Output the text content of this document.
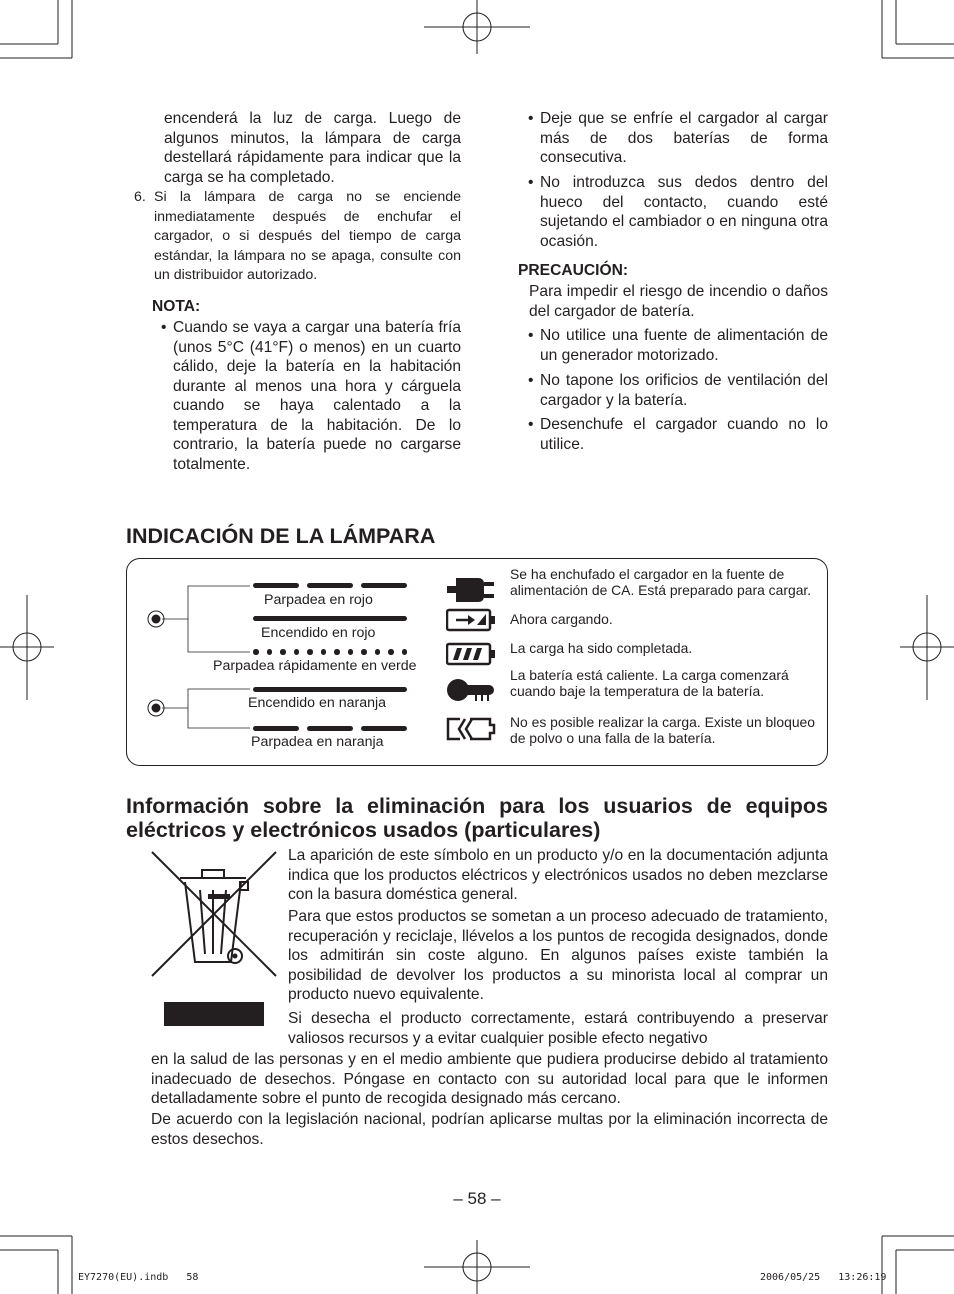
encenderá la luz de carga. Luego de algunos minutos, la lámpara de carga destellará rápidamente para indicar que la carga se ha completado.
6. Si la lámpara de carga no se enciende inmediatamente después de enchufar el cargador, o si después del tiempo de carga estándar, la lámpara no se apaga, consulte con un distribuidor autorizado.
NOTA:
• Cuando se vaya a cargar una batería fría (unos 5°C (41°F) o menos) en un cuarto cálido, deje la batería en la habitación durante al menos una hora y cárguela cuando se haya calentado a la temperatura de la habitación. De lo contrario, la batería puede no cargarse totalmente.
• Deje que se enfríe el cargador al cargar más de dos baterías de forma consecutiva.
• No introduzca sus dedos dentro del hueco del contacto, cuando esté sujetando el cambiador o en ninguna otra ocasión.
PRECAUCIÓN:
Para impedir el riesgo de incendio o daños del cargador de batería.
• No utilice una fuente de alimentación de un generador motorizado.
• No tapone los orificios de ventilación del cargador y la batería.
• Desenchufe el cargador cuando no lo utilice.
INDICACIÓN DE LA LÁMPARA
Parpadea en rojo
Encendido en rojo
Parpadea rápidamente en verde
Encendido en naranja
Parpadea en naranja
Se ha enchufado el cargador en la fuente de alimentación de CA. Está preparado para cargar.
Ahora cargando.
La carga ha sido completada.
La batería está caliente. La carga comenzará cuando baje la temperatura de la batería.
No es posible realizar la carga. Existe un bloqueo de polvo o una falla de la batería.
Información sobre la eliminación para los usuarios de equipos eléctricos y electrónicos usados (particulares)
La aparición de este símbolo en un producto y/o en la documentación adjunta indica que los productos eléctricos y electrónicos usados no deben mezclarse con la basura doméstica general.
Para que estos productos se sometan a un proceso adecuado de tratamiento, recuperación y reciclaje, llévelos a los puntos de recogida designados, donde los admitirán sin coste alguno. En algunos países existe también la posibilidad de devolver los productos a su minorista local al comprar un producto nuevo equivalente.
Si desecha el producto correctamente, estará contribuyendo a preservar valiosos recursos y a evitar cualquier posible efecto negativo
en la salud de las personas y en el medio ambiente que pudiera producirse debido al tratamiento inadecuado de desechos. Póngase en contacto con su autoridad local para que le informen detalladamente sobre el punto de recogida designado más cercano.
De acuerdo con la legislación nacional, podrían aplicarse multas por la eliminación incorrecta de estos desechos.
– 58 –
EY7270(EU).indb   58	2006/05/25   13:26:19
